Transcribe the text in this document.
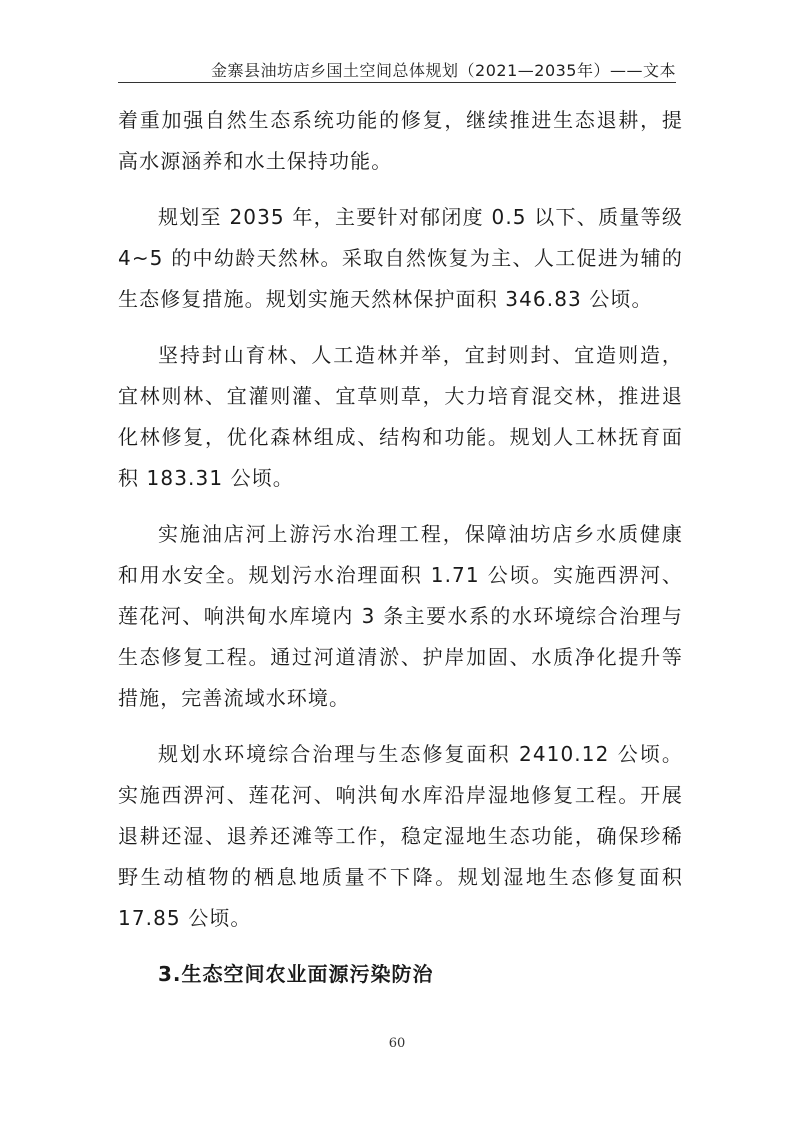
金寨县油坊店乡国土空间总体规划（2021—2035年）——文本

着重加强自然生态系统功能的修复，继续推进生态退耕，提高水源涵养和水土保持功能。

规划至 2035 年，主要针对郁闭度 0.5 以下、质量等级 4~5 的中幼龄天然林。采取自然恢复为主、人工促进为辅的生态修复措施。规划实施天然林保护面积 346.83 公顷。

坚持封山育林、人工造林并举，宜封则封、宜造则造，宜林则林、宜灌则灌、宜草则草，大力培育混交林，推进退化林修复，优化森林组成、结构和功能。规划人工林抚育面积 183.31 公顷。

实施油店河上游污水治理工程，保障油坊店乡水质健康和用水安全。规划污水治理面积 1.71 公顷。实施西淠河、莲花河、响洪甸水库境内 3 条主要水系的水环境综合治理与生态修复工程。通过河道清淤、护岸加固、水质净化提升等措施，完善流域水环境。

规划水环境综合治理与生态修复面积 2410.12 公顷。实施西淠河、莲花河、响洪甸水库沿岸湿地修复工程。开展退耕还湿、退养还滩等工作，稳定湿地生态功能，确保珍稀野生动植物的栖息地质量不下降。规划湿地生态修复面积 17.85 公顷。

3.生态空间农业面源污染防治
60
